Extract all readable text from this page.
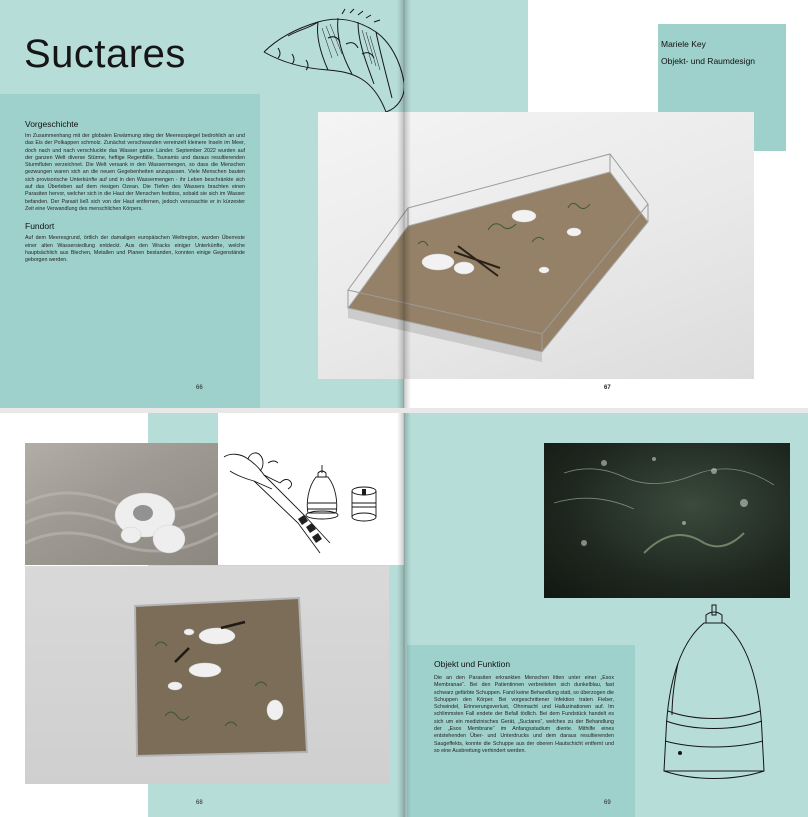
Suctares
Vorgeschichte

Im Zusammenhang mit der globalen Erwärmung stieg der Meeresspiegel bedrohlich an und das Eis der Polkappen schmolz. Zunächst verschwanden vereinzelt kleinere Inseln im Meer, doch nach und nach verschluckte das Wasser ganze Länder. September 2022 wurden auf der ganzen Welt diverse Stürme, heftige Regenfälle, Tsunamis und daraus resultierenden Sturmfluten verzeichnet. Die Welt versank in den Wassermengen, so dass die Menschen gezwungen waren sich an die neuen Gegebenheiten anzupassen. Viele Menschen bauten sich provisorische Unterkünfte auf und in den Wassermengen - ihr Leben beschränkte sich auf das Überleben auf dem riesigen Ozean. Die Tiefen des Wassers brachten einen Parasiten hervor, welcher sich in die Haut der Menschen festbiss, sobald sie sich im Wasser befanden. Der Parasit ließ sich von der Haut entfernen, jedoch verursachte er in kürzester Zeit eine Verwandlung des menschlichen Körpers.

Fundort

Auf dem Meeresgrund, örtlich der damaligen europäischen Weltregion, wurden Überreste einer alten Wassersiedlung entdeckt. Aus den Wracks einiger Unterkünfte, welche hauptsächlich aus Blechen, Metallen und Planen bestanden, konnten einige Gegenstände geborgen werden.

66
Mariele Key
Objekt- und Raumdesign
67
68
Objekt und Funktion

Die an den Parasiten erkrankten Menschen litten unter einer „Esox Membranae“. Bei den Patientinnen verbreiteten sich dunkelblau, fast schwarz gefärbte Schuppen. Fand keine Behandlung statt, so überzogen die Schuppen den Körper. Bei vorgeschrittener Infektion traten Fieber, Schwindel, Erinnerungsverlust, Ohnmacht und Halluzinationen auf. Im schlimmsten Fall endete der Befall tödlich. Bei dem Fundstück handelt es sich um ein medizinisches Gerät, „Suctares“, welches zu der Behandlung der „Esox Membrane“ im Anfangsstadium diente. Mithilfe eines entstehenden Über- und Unterdrucks und dem daraus resultierenden Saugeffekts, konnte die Schuppe aus der oberen Hautschicht entfernt und so eine Ausbreitung verhindert werden.

69
